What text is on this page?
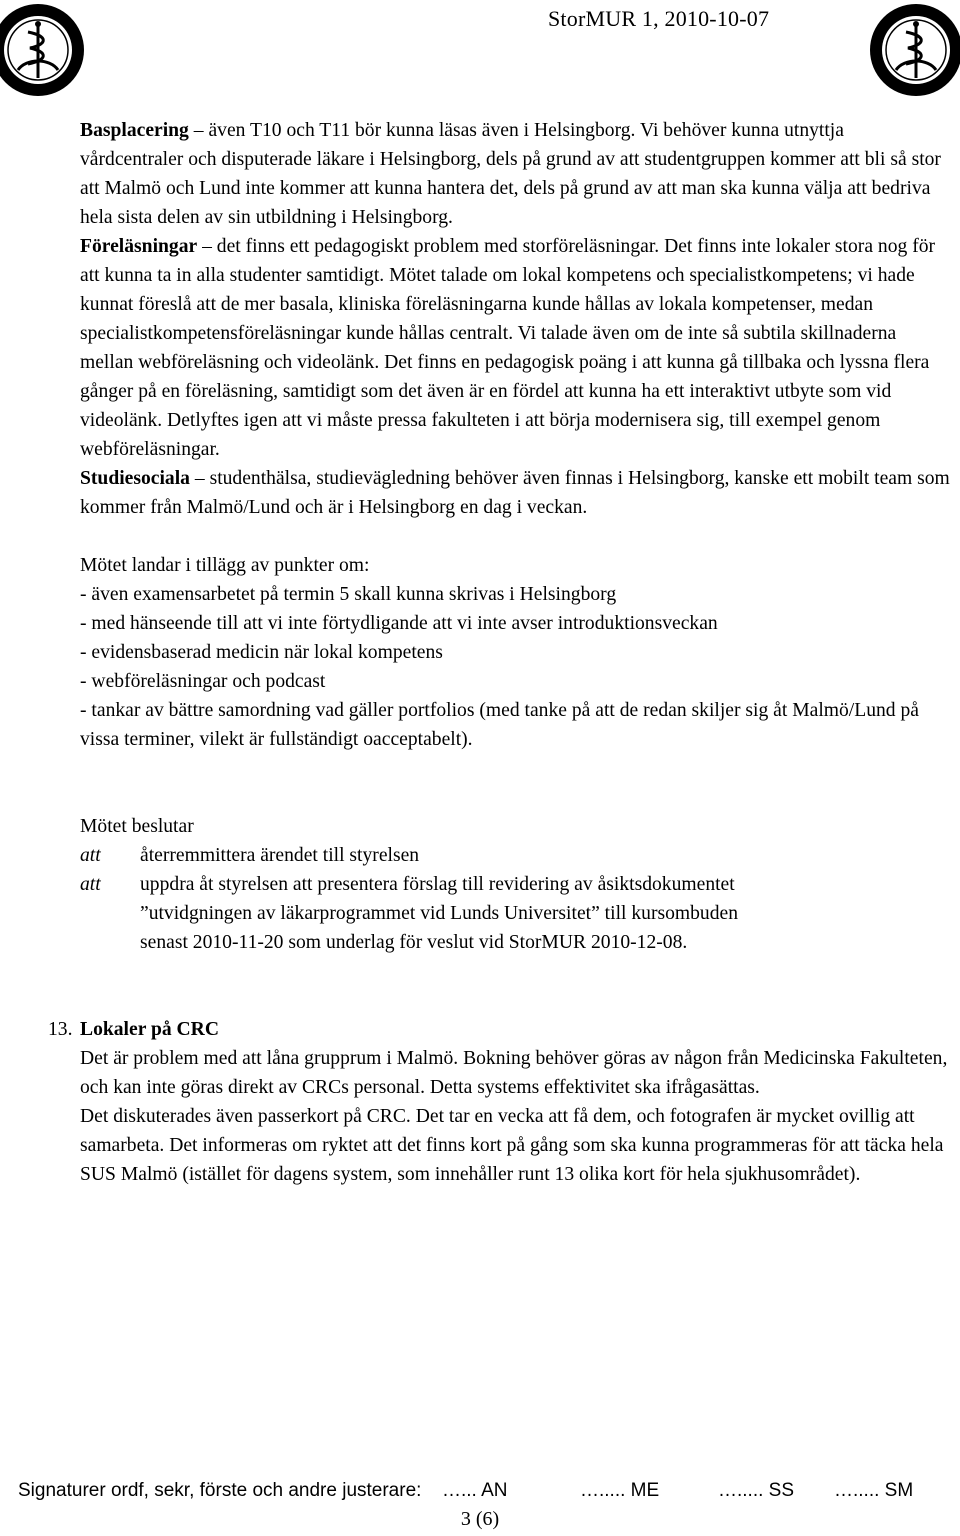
StorMUR 1, 2010-10-07

Basplacering – även T10 och T11 bör kunna läsas även i Helsingborg. Vi behöver kunna utnyttja vårdcentraler och disputerade läkare i Helsingborg, dels på grund av att studentgruppen kommer att bli så stor att Malmö och Lund inte kommer att kunna hantera det, dels på grund av att man ska kunna välja att bedriva hela sista delen av sin utbildning i Helsingborg.

Föreläsningar – det finns ett pedagogiskt problem med storföreläsningar. Det finns inte lokaler stora nog för att kunna ta in alla studenter samtidigt. Mötet talade om lokal kompetens och specialistkompetens; vi hade kunnat föreslå att de mer basala, kliniska föreläsningarna kunde hållas av lokala kompetenser, medan specialistkompetensföreläsningar kunde hållas centralt. Vi talade även om de inte så subtila skillnaderna mellan webföreläsning och videolänk. Det finns en pedagogisk poäng i att kunna gå tillbaka och lyssna flera gånger på en föreläsning, samtidigt som det även är en fördel att kunna ha ett interaktivt utbyte som vid videolänk. Detlyftes igen att vi måste pressa fakulteten i att börja modernisera sig, till exempel genom webföreläsningar.

Studiesociala – studenthälsa, studievägledning behöver även finnas i Helsingborg, kanske ett mobilt team som kommer från Malmö/Lund och är i Helsingborg en dag i veckan.

Mötet landar i tillägg av punkter om:

- även examensarbetet på termin 5 skall kunna skrivas i Helsingborg

- med hänseende till att vi inte förtydligande att vi inte avser introduktionsveckan

- evidensbaserad medicin när lokal kompetens

- webföreläsningar och podcast

- tankar av bättre samordning vad gäller portfolios (med tanke på att de redan skiljer sig åt Malmö/Lund på vissa terminer, vilekt är fullständigt oacceptabelt).

Mötet beslutar

att	återremmittera ärendet till styrelsen
att	uppdra åt styrelsen att presentera förslag till revidering av åsiktsdokumentet

”utvidgningen av läkarprogrammet vid Lunds Universitet” till kursombuden

senast 2010-11-20 som underlag för veslut vid StorMUR 2010-12-08.

13. Lokaler på CRC

Det är problem med att låna grupprum i Malmö. Bokning behöver göras av någon från Medicinska Fakulteten, och kan inte göras direkt av CRCs personal. Detta systems effektivitet ska ifrågasättas.

Det diskuterades även passerkort på CRC. Det tar en vecka att få dem, och fotografen är mycket ovillig att samarbeta. Det informeras om ryktet att det finns kort på gång som ska kunna programmeras för att täcka hela SUS Malmö (istället för dagens system, som innehåller runt 13 olika kort för hela sjukhusområdet).

Signaturer ordf, sekr, förste och andre justerare: …... AN	…..... ME	…..... SS …..... SM
3 (6)
